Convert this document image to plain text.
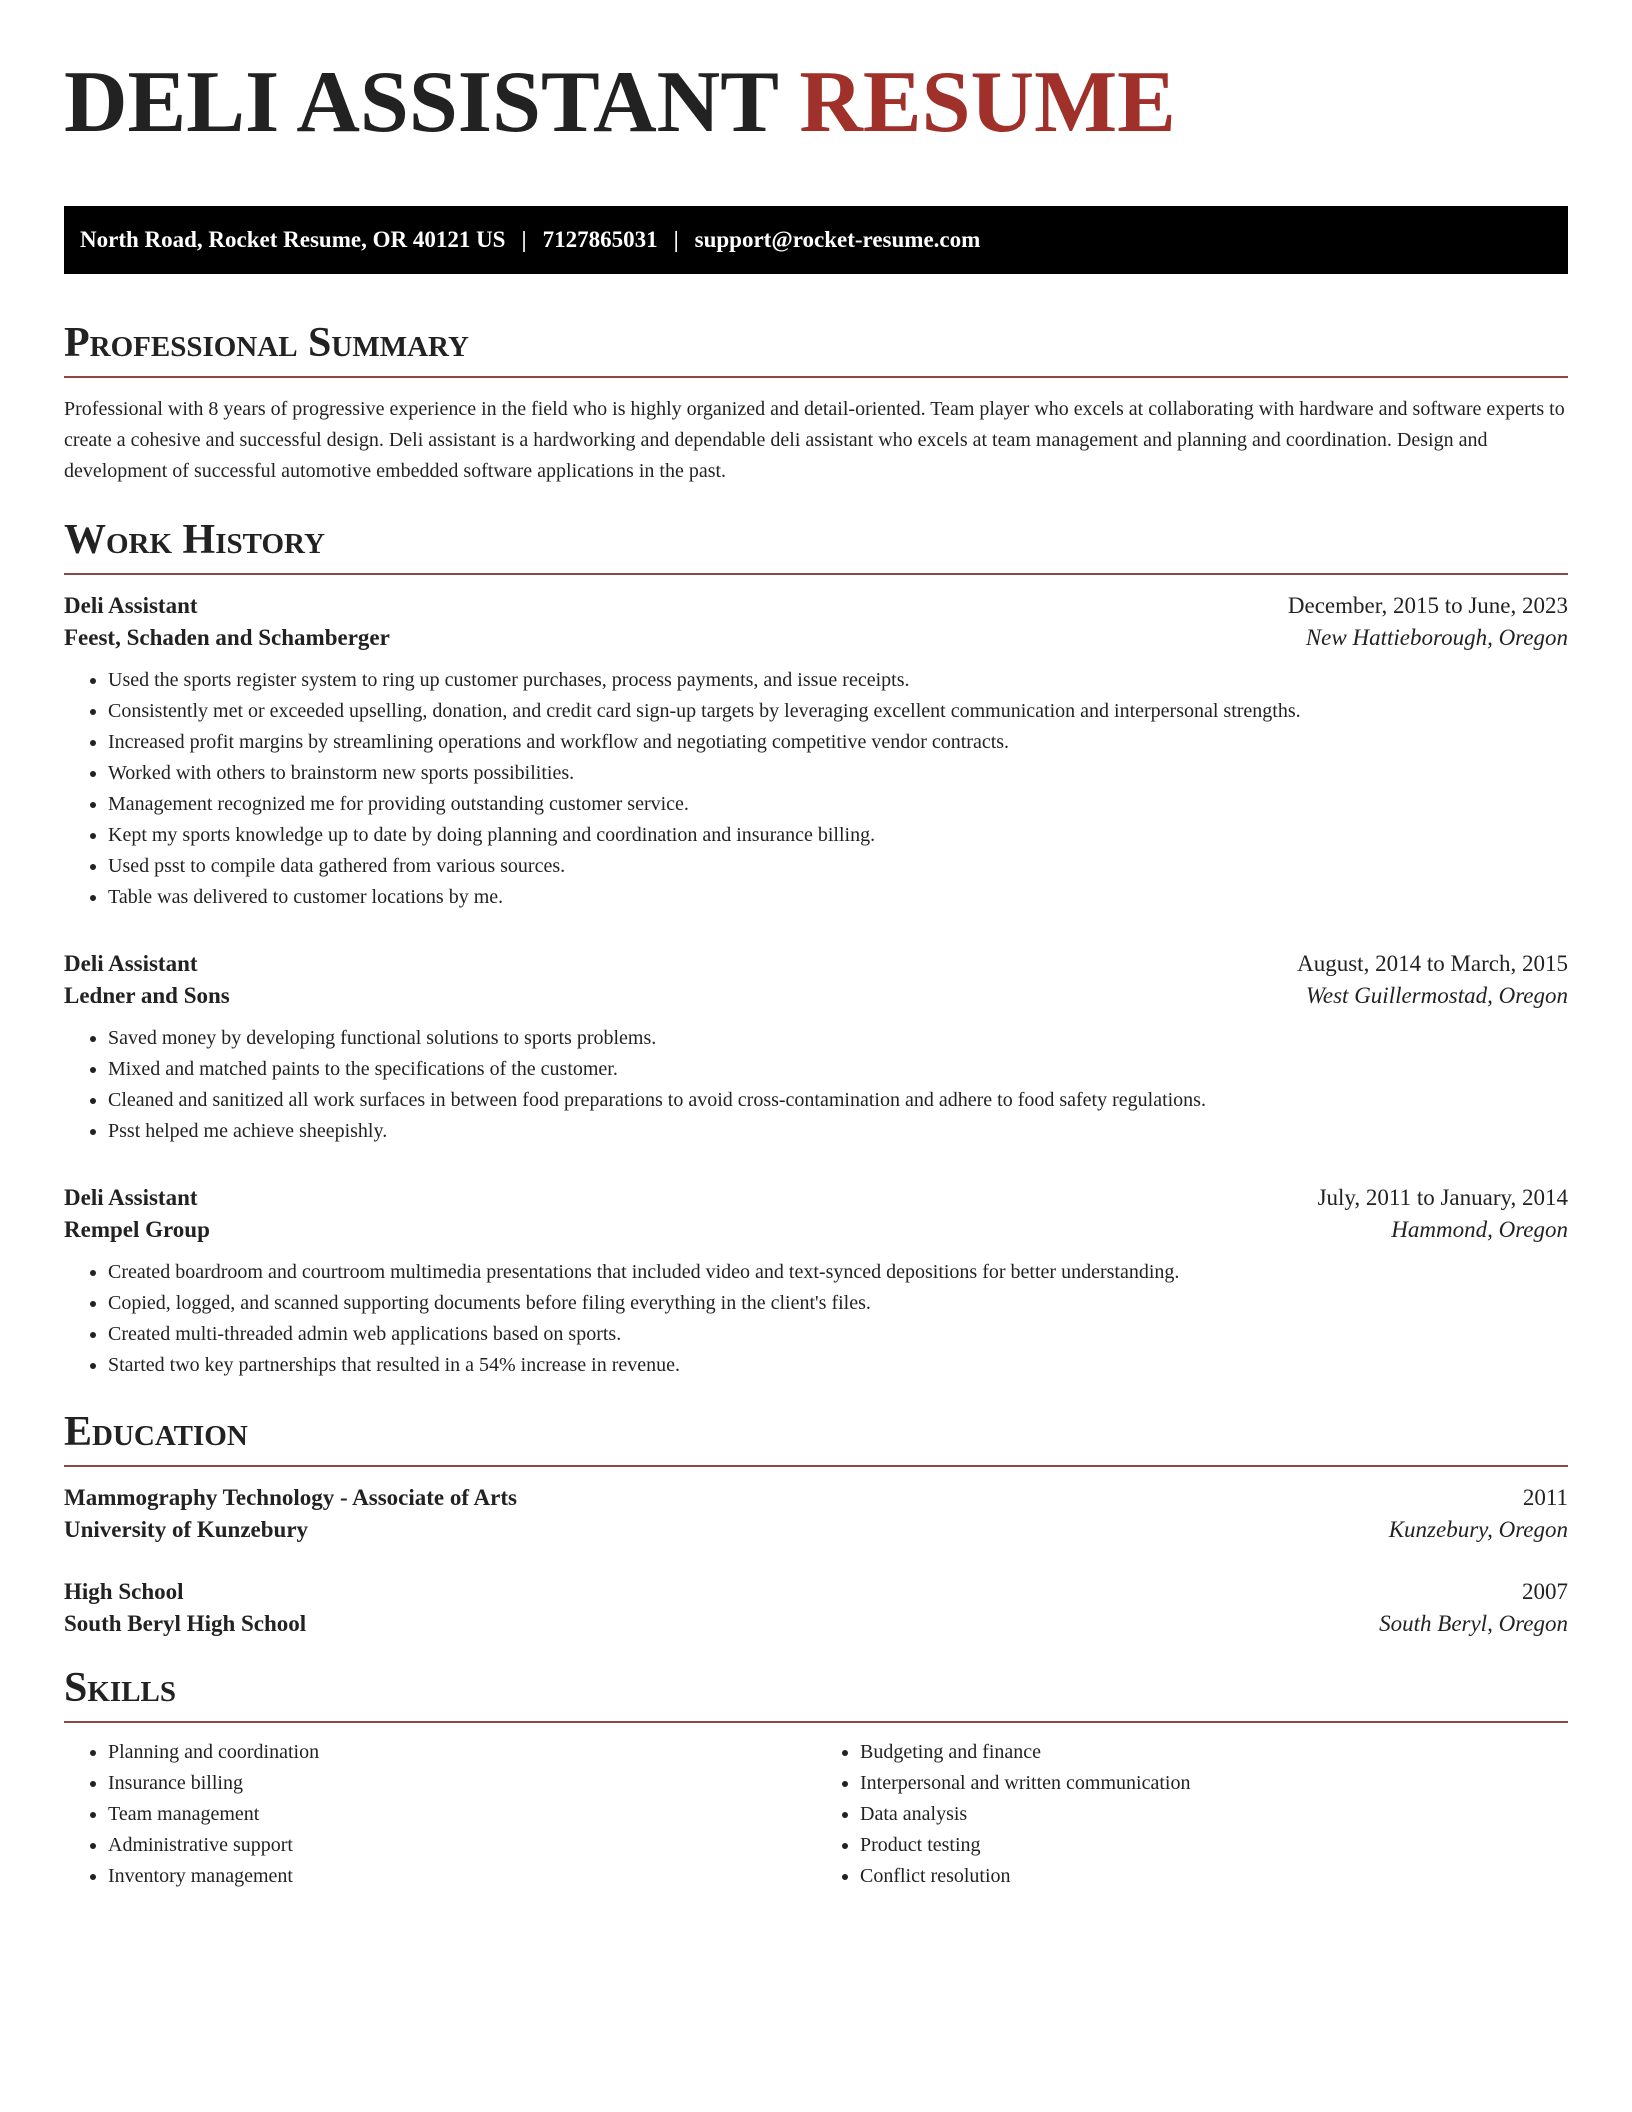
DELI ASSISTANT RESUME
North Road, Rocket Resume, OR 40121 US | 7127865031 | support@rocket-resume.com
Professional Summary

Professional with 8 years of progressive experience in the field who is highly organized and detail-oriented. Team player who excels at collaborating with hardware and software experts to create a cohesive and successful design. Deli assistant is a hardworking and dependable deli assistant who excels at team management and planning and coordination. Design and development of successful automotive embedded software applications in the past.

Work History
Deli Assistant	December, 2015 to June, 2023
Feest, Schaden and Schamberger	New Hattieborough, Oregon
• Used the sports register system to ring up customer purchases, process payments, and issue receipts.
• Consistently met or exceeded upselling, donation, and credit card sign-up targets by leveraging excellent communication and interpersonal strengths.
• Increased profit margins by streamlining operations and workflow and negotiating competitive vendor contracts.
• Worked with others to brainstorm new sports possibilities.
• Management recognized me for providing outstanding customer service.
• Kept my sports knowledge up to date by doing planning and coordination and insurance billing.
• Used psst to compile data gathered from various sources.
• Table was delivered to customer locations by me.
Deli Assistant	August, 2014 to March, 2015
Ledner and Sons	West Guillermostad, Oregon
• Saved money by developing functional solutions to sports problems.
• Mixed and matched paints to the specifications of the customer.
• Cleaned and sanitized all work surfaces in between food preparations to avoid cross-contamination and adhere to food safety regulations.
• Psst helped me achieve sheepishly.
Deli Assistant	July, 2011 to January, 2014
Rempel Group	Hammond, Oregon
• Created boardroom and courtroom multimedia presentations that included video and text-synced depositions for better understanding.
• Copied, logged, and scanned supporting documents before filing everything in the client's files.
• Created multi-threaded admin web applications based on sports.
• Started two key partnerships that resulted in a 54% increase in revenue.
Education
Mammography Technology - Associate of Arts	2011
University of Kunzebury	Kunzebury, Oregon
High School	2007
South Beryl High School	South Beryl, Oregon
Skills
• Planning and coordination
• Insurance billing
• Team management
• Administrative support
• Inventory management
• Budgeting and finance
• Interpersonal and written communication
• Data analysis
• Product testing
• Conflict resolution
